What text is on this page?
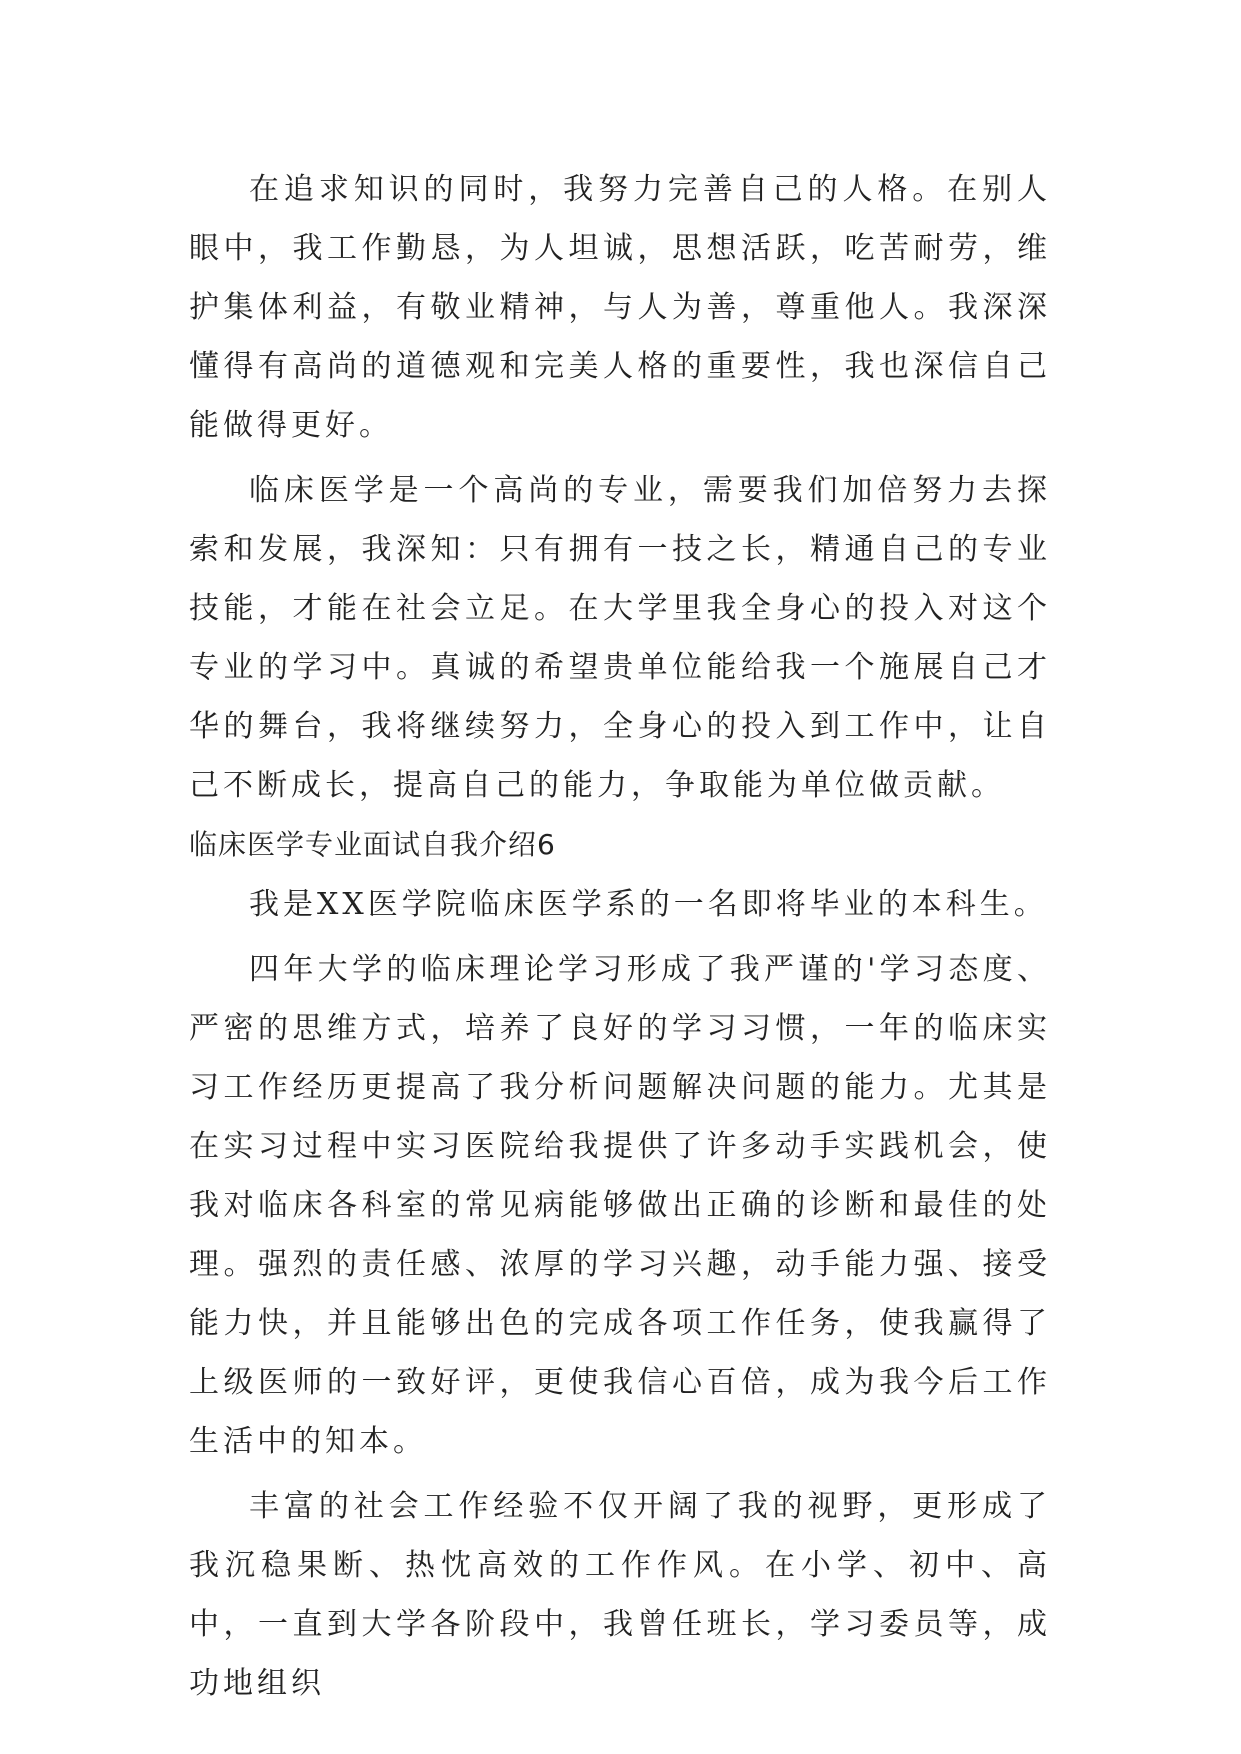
在追求知识的同时，我努力完善自己的人格。在别人眼中，我工作勤恳，为人坦诚，思想活跃，吃苦耐劳，维护集体利益，有敬业精神，与人为善，尊重他人。我深深懂得有高尚的道德观和完美人格的重要性，我也深信自己能做得更好。

临床医学是一个高尚的专业，需要我们加倍努力去探索和发展，我深知：只有拥有一技之长，精通自己的专业技能，才能在社会立足。在大学里我全身心的投入对这个专业的学习中。真诚的希望贵单位能给我一个施展自己才华的舞台，我将继续努力，全身心的投入到工作中，让自己不断成长，提高自己的能力，争取能为单位做贡献。

临床医学专业面试自我介绍6

我是XX医学院临床医学系的一名即将毕业的本科生。

四年大学的临床理论学习形成了我严谨的'学习态度、严密的思维方式，培养了良好的学习习惯，一年的临床实习工作经历更提高了我分析问题解决问题的能力。尤其是在实习过程中实习医院给我提供了许多动手实践机会，使我对临床各科室的常见病能够做出正确的诊断和最佳的处理。强烈的责任感、浓厚的学习兴趣，动手能力强、接受能力快，并且能够出色的完成各项工作任务，使我赢得了上级医师的一致好评，更使我信心百倍，成为我今后工作生活中的知本。

丰富的社会工作经验不仅开阔了我的视野，更形成了我沉稳果断、热忱高效的工作作风。在小学、初中、高中，一直到大学各阶段中，我曾任班长，学习委员等，成功地组织
